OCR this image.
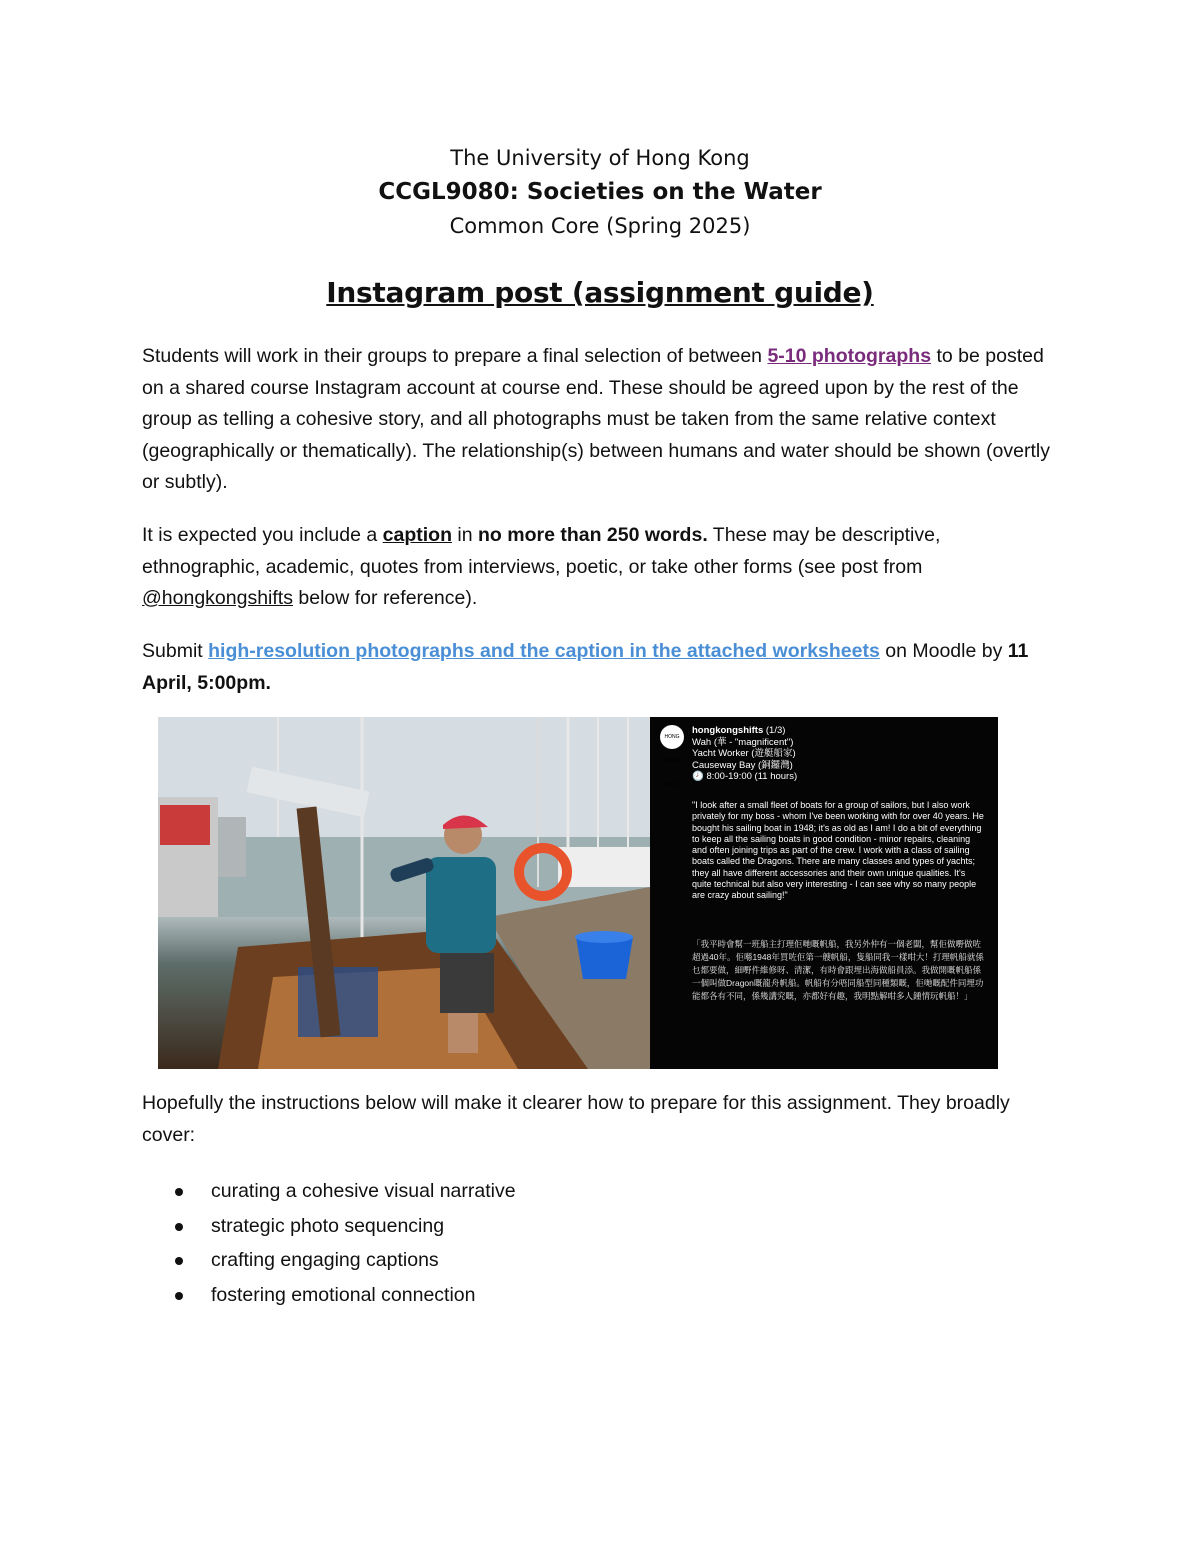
The University of Hong Kong
CCGL9080: Societies on the Water
Common Core (Spring 2025)
Instagram post (assignment guide)
Students will work in their groups to prepare a final selection of between 5-10 photographs to be posted on a shared course Instagram account at course end. These should be agreed upon by the rest of the group as telling a cohesive story, and all photographs must be taken from the same relative context (geographically or thematically). The relationship(s) between humans and water should be shown (overtly or subtly).
It is expected you include a caption in no more than 250 words. These may be descriptive, ethnographic, academic, quotes from interviews, poetic, or take other forms (see post from @hongkongshifts below for reference).
Submit high-resolution photographs and the caption in the attached worksheets on Moodle by 11 April, 5:00pm.
HONG KONG SHIFTS
hongkongshifts (1/3)
Wah (華 - "magnificent")
Yacht Worker (遊艇船家)
Causeway Bay (銅鑼灣)
🕗 8:00-19:00 (11 hours)
"I look after a small fleet of boats for a group of sailors, but I also work privately for my boss - whom I've been working with for over 40 years. He bought his sailing boat in 1948; it's as old as I am! I do a bit of everything to keep all the sailing boats in good condition - minor repairs, cleaning and often joining trips as part of the crew. I work with a class of sailing boats called the Dragons. There are many classes and types of yachts; they all have different accessories and their own unique qualities. It's quite technical but also very interesting - I can see why so many people are crazy about sailing!"
「我平時會幫一班船主打理佢哋嘅帆船，我另外仲有一個老闆，幫佢做嘢做咗超過40年。佢喺1948年買咗佢第一艘帆船，隻船同我一樣咁大！打理帆船就係乜都要做，細嘢件維修呀、清潔，有時會跟埋出海做船員添。我做開嘅帆船係一個叫做Dragon嘅龍舟帆船。帆船有分唔同船型同種類嘅，佢哋嘅配件同埋功能都各有不同，係幾講究嘅，亦都好有趣，我明點解咁多人鍾情玩帆船！」
Hopefully the instructions below will make it clearer how to prepare for this assignment. They broadly cover:
curating a cohesive visual narrative
strategic photo sequencing
crafting engaging captions
fostering emotional connection
